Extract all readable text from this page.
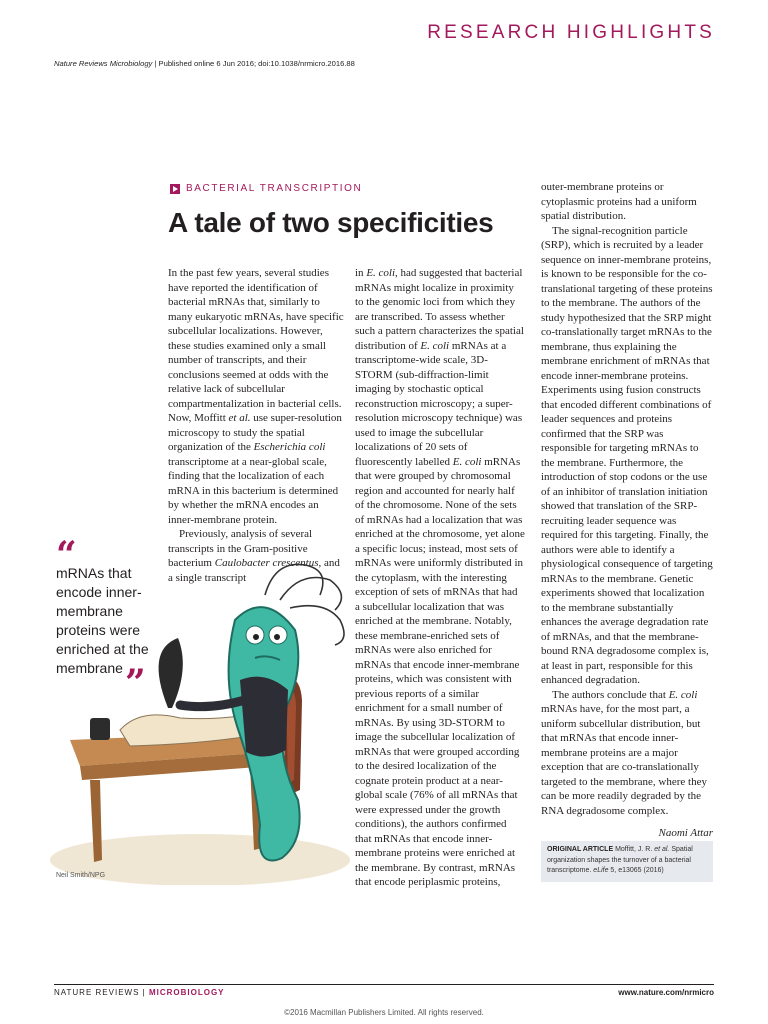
RESEARCH HIGHLIGHTS
Nature Reviews Microbiology | Published online 6 Jun 2016; doi:10.1038/nrmicro.2016.88
BACTERIAL TRANSCRIPTION
A tale of two specificities

In the past few years, several studies have reported the identification of bacterial mRNAs that, similarly to many eukaryotic mRNAs, have specific subcellular localizations. However, these studies examined only a small number of transcripts, and their conclusions seemed at odds with the relative lack of subcellular compartmentalization in bacterial cells. Now, Moffitt et al. use super-resolution microscopy to study the spatial organization of the Escherichia coli transcriptome at a near-global scale, finding that the localization of each mRNA in this bacterium is determined by whether the mRNA encodes an inner-membrane protein.

Previously, analysis of several transcripts in the Gram-positive bacterium Caulobacter crescentus, and a single transcript

in E. coli, had suggested that bacterial mRNAs might localize in proximity to the genomic loci from which they are transcribed. To assess whether such a pattern characterizes the spatial distribution of E. coli mRNAs at a transcriptome-wide scale, 3D-STORM (sub-diffraction-limit imaging by stochastic optical reconstruction microscopy; a super-resolution microscopy technique) was used to image the subcellular localizations of 20 sets of fluorescently labelled E. coli mRNAs that were grouped by chromosomal region and accounted for nearly half of the chromosome. None of the sets of mRNAs had a localization that was enriched at the chromosome, yet alone a specific locus; instead, most sets of mRNAs were uniformly distributed in the cytoplasm, with the interesting exception of sets of mRNAs that had a subcellular localization that was enriched at the membrane. Notably, these membrane-enriched sets of mRNAs were also enriched for mRNAs that encode inner-membrane proteins, which was consistent with previous reports of a similar enrichment for a small number of mRNAs. By using 3D-STORM to image the subcellular localization of mRNAs that were grouped according to the desired localization of the cognate protein product at a near-global scale (76% of all mRNAs that were expressed under the growth conditions), the authors confirmed that mRNAs that encode inner-membrane proteins were enriched at the membrane. By contrast, mRNAs that encode periplasmic proteins,

outer-membrane proteins or cytoplasmic proteins had a uniform spatial distribution.

The signal-recognition particle (SRP), which is recruited by a leader sequence on inner-membrane proteins, is known to be responsible for the co-translational targeting of these proteins to the membrane. The authors of the study hypothesized that the SRP might co-translationally target mRNAs to the membrane, thus explaining the membrane enrichment of mRNAs that encode inner-membrane proteins. Experiments using fusion constructs that encoded different combinations of leader sequences and proteins confirmed that the SRP was responsible for targeting mRNAs to the membrane. Furthermore, the introduction of stop codons or the use of an inhibitor of translation initiation showed that translation of the SRP-recruiting leader sequence was required for this targeting. Finally, the authors were able to identify a physiological consequence of targeting mRNAs to the membrane. Genetic experiments showed that localization to the membrane substantially enhances the average degradation rate of mRNAs, and that the membrane-bound RNA degradosome complex is, at least in part, responsible for this enhanced degradation.

The authors conclude that E. coli mRNAs have, for the most part, a uniform subcellular distribution, but that mRNAs that encode inner-membrane proteins are a major exception that are co-translationally targeted to the membrane, where they can be more readily degraded by the RNA degradosome complex.

Naomi Attar
ORIGINAL ARTICLE Moffitt, J. R. et al. Spatial organization shapes the turnover of a bacterial transcriptome. eLife 5, e13065 (2016)
“
mRNAs that encode inner-membrane proteins were enriched at the membrane ”
Neil Smith/NPG
NATURE REVIEWS | MICROBIOLOGY	www.nature.com/nrmicro
©2016 Macmillan Publishers Limited. All rights reserved.
